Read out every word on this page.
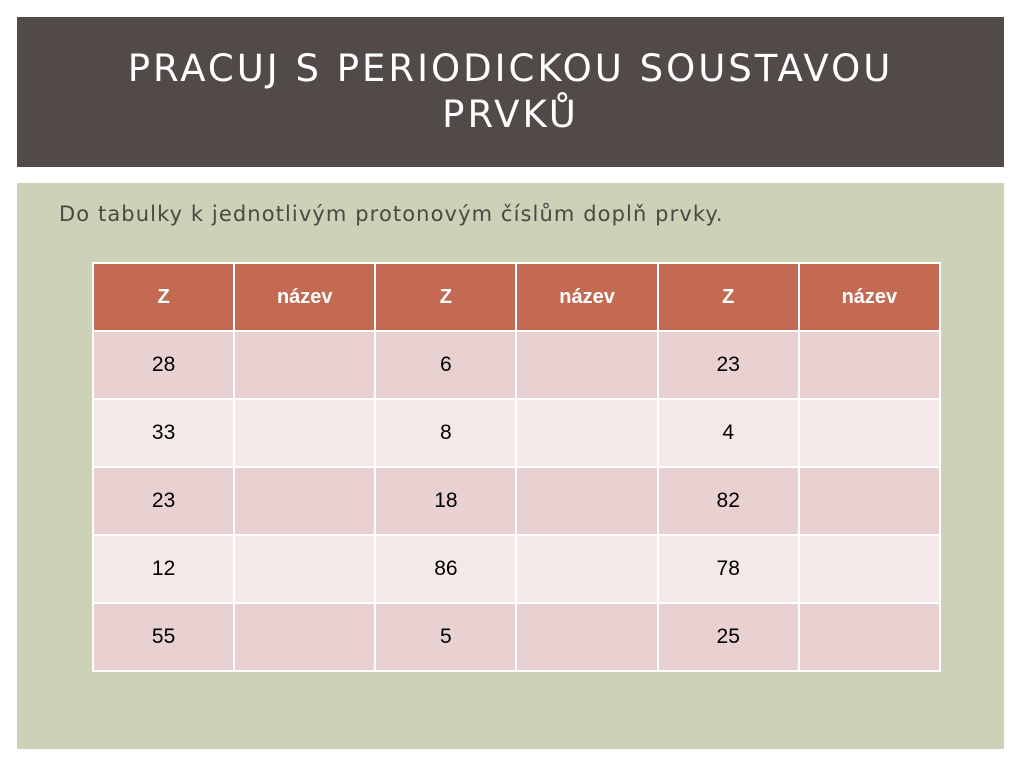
PRACUJ S PERIODICKOU SOUSTAVOU PRVKŮ

Do tabulky k jednotlivým protonovým číslům doplň prvky.

Z	název	Z	název	Z	název
28		6		23	
33		8		4	
23		18		82	
12		86		78	
55		5		25	
